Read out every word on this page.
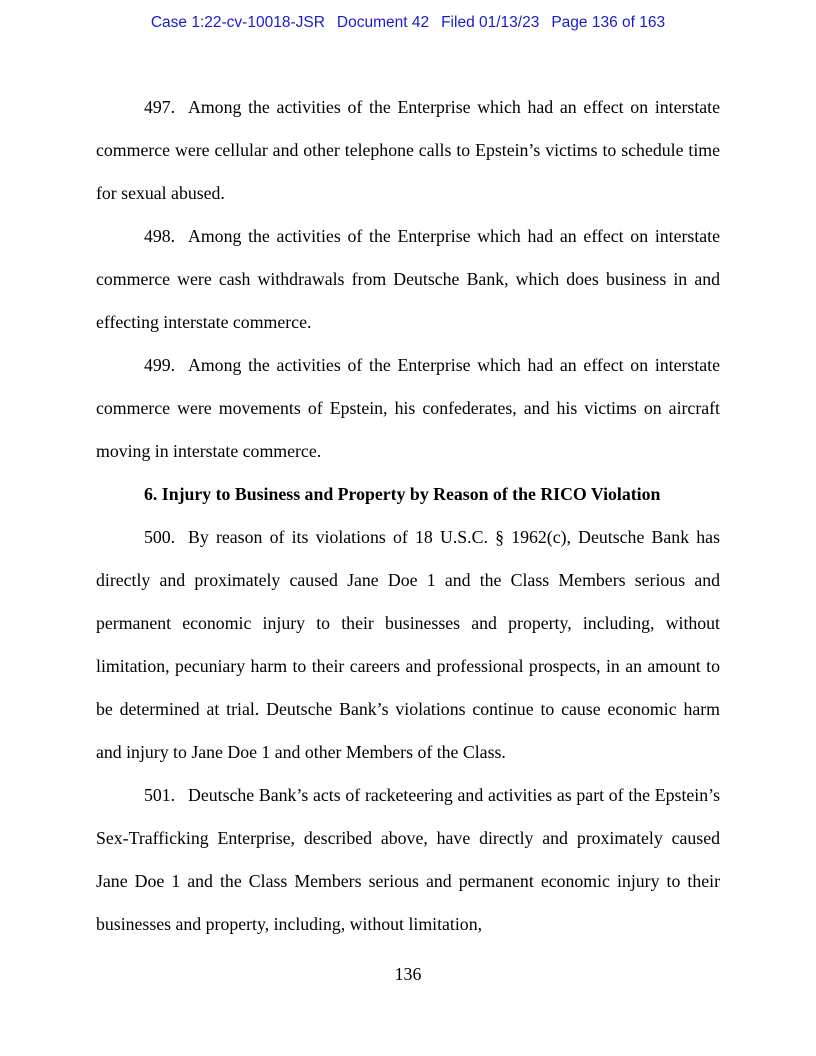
Case 1:22-cv-10018-JSR Document 42 Filed 01/13/23 Page 136 of 163

497. Among the activities of the Enterprise which had an effect on interstate commerce were cellular and other telephone calls to Epstein’s victims to schedule time for sexual abused.

498. Among the activities of the Enterprise which had an effect on interstate commerce were cash withdrawals from Deutsche Bank, which does business in and effecting interstate commerce.

499. Among the activities of the Enterprise which had an effect on interstate commerce were movements of Epstein, his confederates, and his victims on aircraft moving in interstate commerce.

6. Injury to Business and Property by Reason of the RICO Violation

500. By reason of its violations of 18 U.S.C. § 1962(c), Deutsche Bank has directly and proximately caused Jane Doe 1 and the Class Members serious and permanent economic injury to their businesses and property, including, without limitation, pecuniary harm to their careers and professional prospects, in an amount to be determined at trial. Deutsche Bank’s violations continue to cause economic harm and injury to Jane Doe 1 and other Members of the Class.

501. Deutsche Bank’s acts of racketeering and activities as part of the Epstein’s Sex-Trafficking Enterprise, described above, have directly and proximately caused Jane Doe 1 and the Class Members serious and permanent economic injury to their businesses and property, including, without limitation,

136
